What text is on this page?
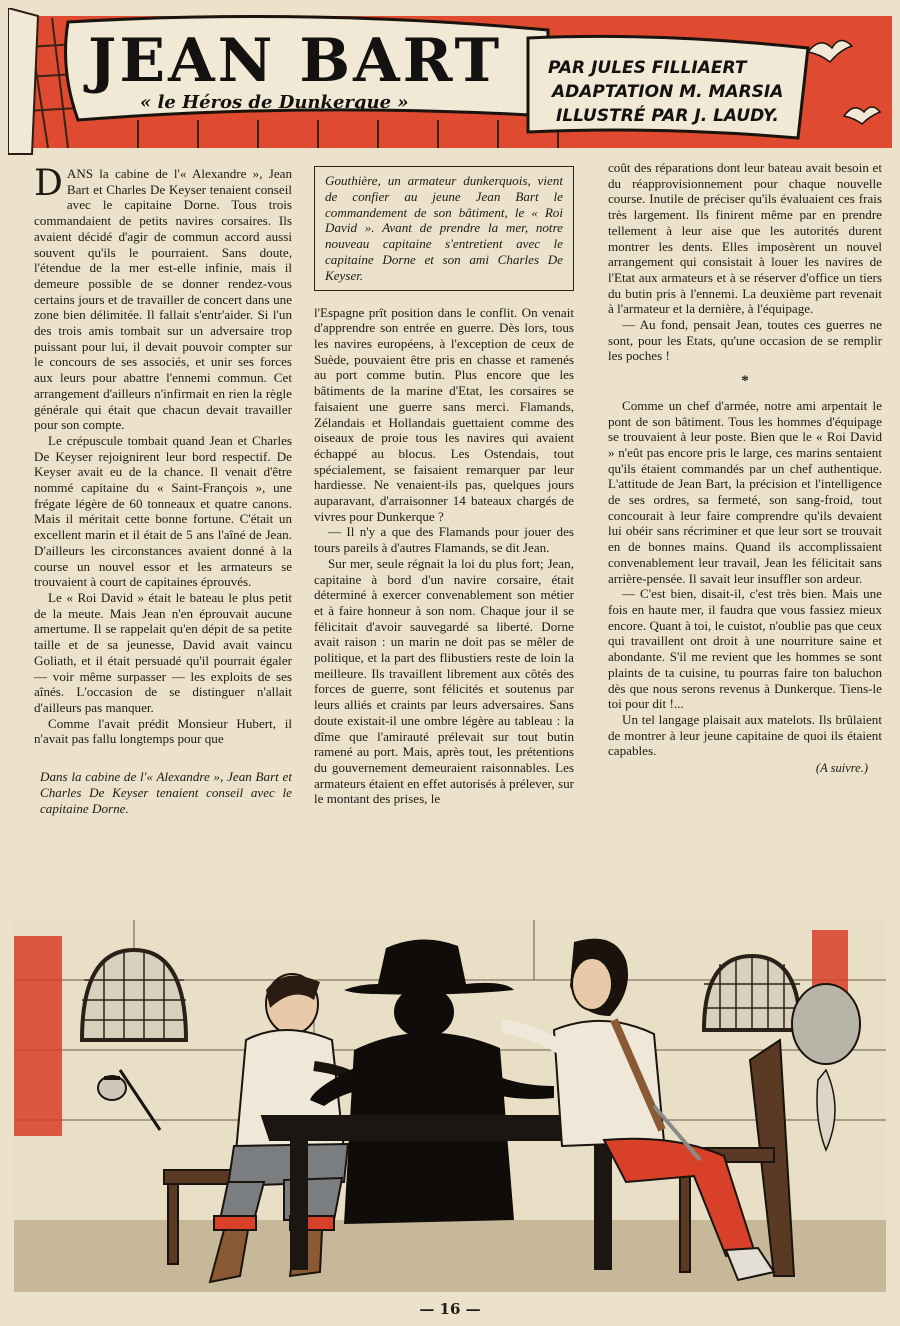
JEAN BART
« le Héros de Dunkerque »
PAR JULES FILLIAERT
ADAPTATION M. MARSIA
ILLUSTRÉ PAR J. LAUDY.

DANS la cabine de l'« Alexandre », Jean Bart et Charles De Keyser tenaient conseil avec le capitaine Dorne. Tous trois commandaient de petits navires corsaires. Ils avaient décidé d'agir de commun accord aussi souvent qu'ils le pourraient. Sans doute, l'étendue de la mer est-elle infinie, mais il demeure possible de se donner rendez-vous certains jours et de travailler de concert dans une zone bien délimitée. Il fallait s'entr'aider. Si l'un des trois amis tombait sur un adversaire trop puissant pour lui, il devait pouvoir compter sur le concours de ses associés, et unir ses forces aux leurs pour abattre l'ennemi commun. Cet arrangement d'ailleurs n'infirmait en rien la règle générale qui était que chacun devait travailler pour son compte.

Le crépuscule tombait quand Jean et Charles De Keyser rejoignirent leur bord respectif. De Keyser avait eu de la chance. Il venait d'être nommé capitaine du « Saint-François », une frégate légère de 60 tonneaux et quatre canons. Mais il méritait cette bonne fortune. C'était un excellent marin et il était de 5 ans l'aîné de Jean. D'ailleurs les circonstances avaient donné à la course un nouvel essor et les armateurs se trouvaient à court de capitaines éprouvés.

Le « Roi David » était le bateau le plus petit de la meute. Mais Jean n'en éprouvait aucune amertume. Il se rappelait qu'en dépit de sa petite taille et de sa jeunesse, David avait vaincu Goliath, et il était persuadé qu'il pourrait égaler — voir même surpasser — les exploits de ses aînés. L'occasion de se distinguer n'allait d'ailleurs pas manquer.

Comme l'avait prédit Monsieur Hubert, il n'avait pas fallu longtemps pour que

Dans la cabine de l'« Alexandre », Jean Bart et Charles De Keyser tenaient conseil avec le capitaine Dorne.
Gouthière, un armateur dunkerquois, vient de confier au jeune Jean Bart le commandement de son bâtiment, le « Roi David ». Avant de prendre la mer, notre nouveau capitaine s'entretient avec le capitaine Dorne et son ami Charles De Keyser.

l'Espagne prît position dans le conflit. On venait d'apprendre son entrée en guerre. Dès lors, tous les navires européens, à l'exception de ceux de Suède, pouvaient être pris en chasse et ramenés au port comme butin. Plus encore que les bâtiments de la marine d'Etat, les corsaires se faisaient une guerre sans merci. Flamands, Zélandais et Hollandais guettaient comme des oiseaux de proie tous les navires qui avaient échappé au blocus. Les Ostendais, tout spécialement, se faisaient remarquer par leur hardiesse. Ne venaient-ils pas, quelques jours auparavant, d'arraisonner 14 bateaux chargés de vivres pour Dunkerque ?

— Il n'y a que des Flamands pour jouer des tours pareils à d'autres Flamands, se dit Jean.

Sur mer, seule régnait la loi du plus fort; Jean, capitaine à bord d'un navire corsaire, était déterminé à exercer convenablement son métier et à faire honneur à son nom. Chaque jour il se félicitait d'avoir sauvegardé sa liberté. Dorne avait raison : un marin ne doit pas se mêler de politique, et la part des flibustiers reste de loin la meilleure. Ils travaillent librement aux côtés des forces de guerre, sont félicités et soutenus par leurs alliés et craints par leurs adversaires. Sans doute existait-il une ombre légère au tableau : la dîme que l'amirauté prélevait sur tout butin ramené au port. Mais, après tout, les prétentions du gouvernement demeuraient raisonnables. Les armateurs étaient en effet autorisés à prélever, sur le montant des prises, le

coût des réparations dont leur bateau avait besoin et du réapprovisionnement pour chaque nouvelle course. Inutile de préciser qu'ils évaluaient ces frais très largement. Ils finirent même par en prendre tellement à leur aise que les autorités durent montrer les dents. Elles imposèrent un nouvel arrangement qui consistait à louer les navires de l'Etat aux armateurs et à se réserver d'office un tiers du butin pris à l'ennemi. La deuxième part revenait à l'armateur et la dernière, à l'équipage.

— Au fond, pensait Jean, toutes ces guerres ne sont, pour les Etats, qu'une occasion de se remplir les poches !

*

Comme un chef d'armée, notre ami arpentait le pont de son bâtiment. Tous les hommes d'équipage se trouvaient à leur poste. Bien que le « Roi David » n'eût pas encore pris le large, ces marins sentaient qu'ils étaient commandés par un chef authentique. L'attitude de Jean Bart, la précision et l'intelligence de ses ordres, sa fermeté, son sang-froid, tout concourait à leur faire comprendre qu'ils devaient lui obéir sans récriminer et que leur sort se trouvait en de bonnes mains. Quand ils accomplissaient convenablement leur travail, Jean les félicitait sans arrière-pensée. Il savait leur insuffler son ardeur.

— C'est bien, disait-il, c'est très bien. Mais une fois en haute mer, il faudra que vous fassiez mieux encore. Quant à toi, le cuistot, n'oublie pas que ceux qui travaillent ont droit à une nourriture saine et abondante. S'il me revient que les hommes se sont plaints de ta cuisine, tu pourras faire ton baluchon dès que nous serons revenus à Dunkerque. Tiens-le toi pour dit !...

Un tel langage plaisait aux matelots. Ils brûlaient de montrer à leur jeune capitaine de quoi ils étaient capables.

(A suivre.)
— 16 —
